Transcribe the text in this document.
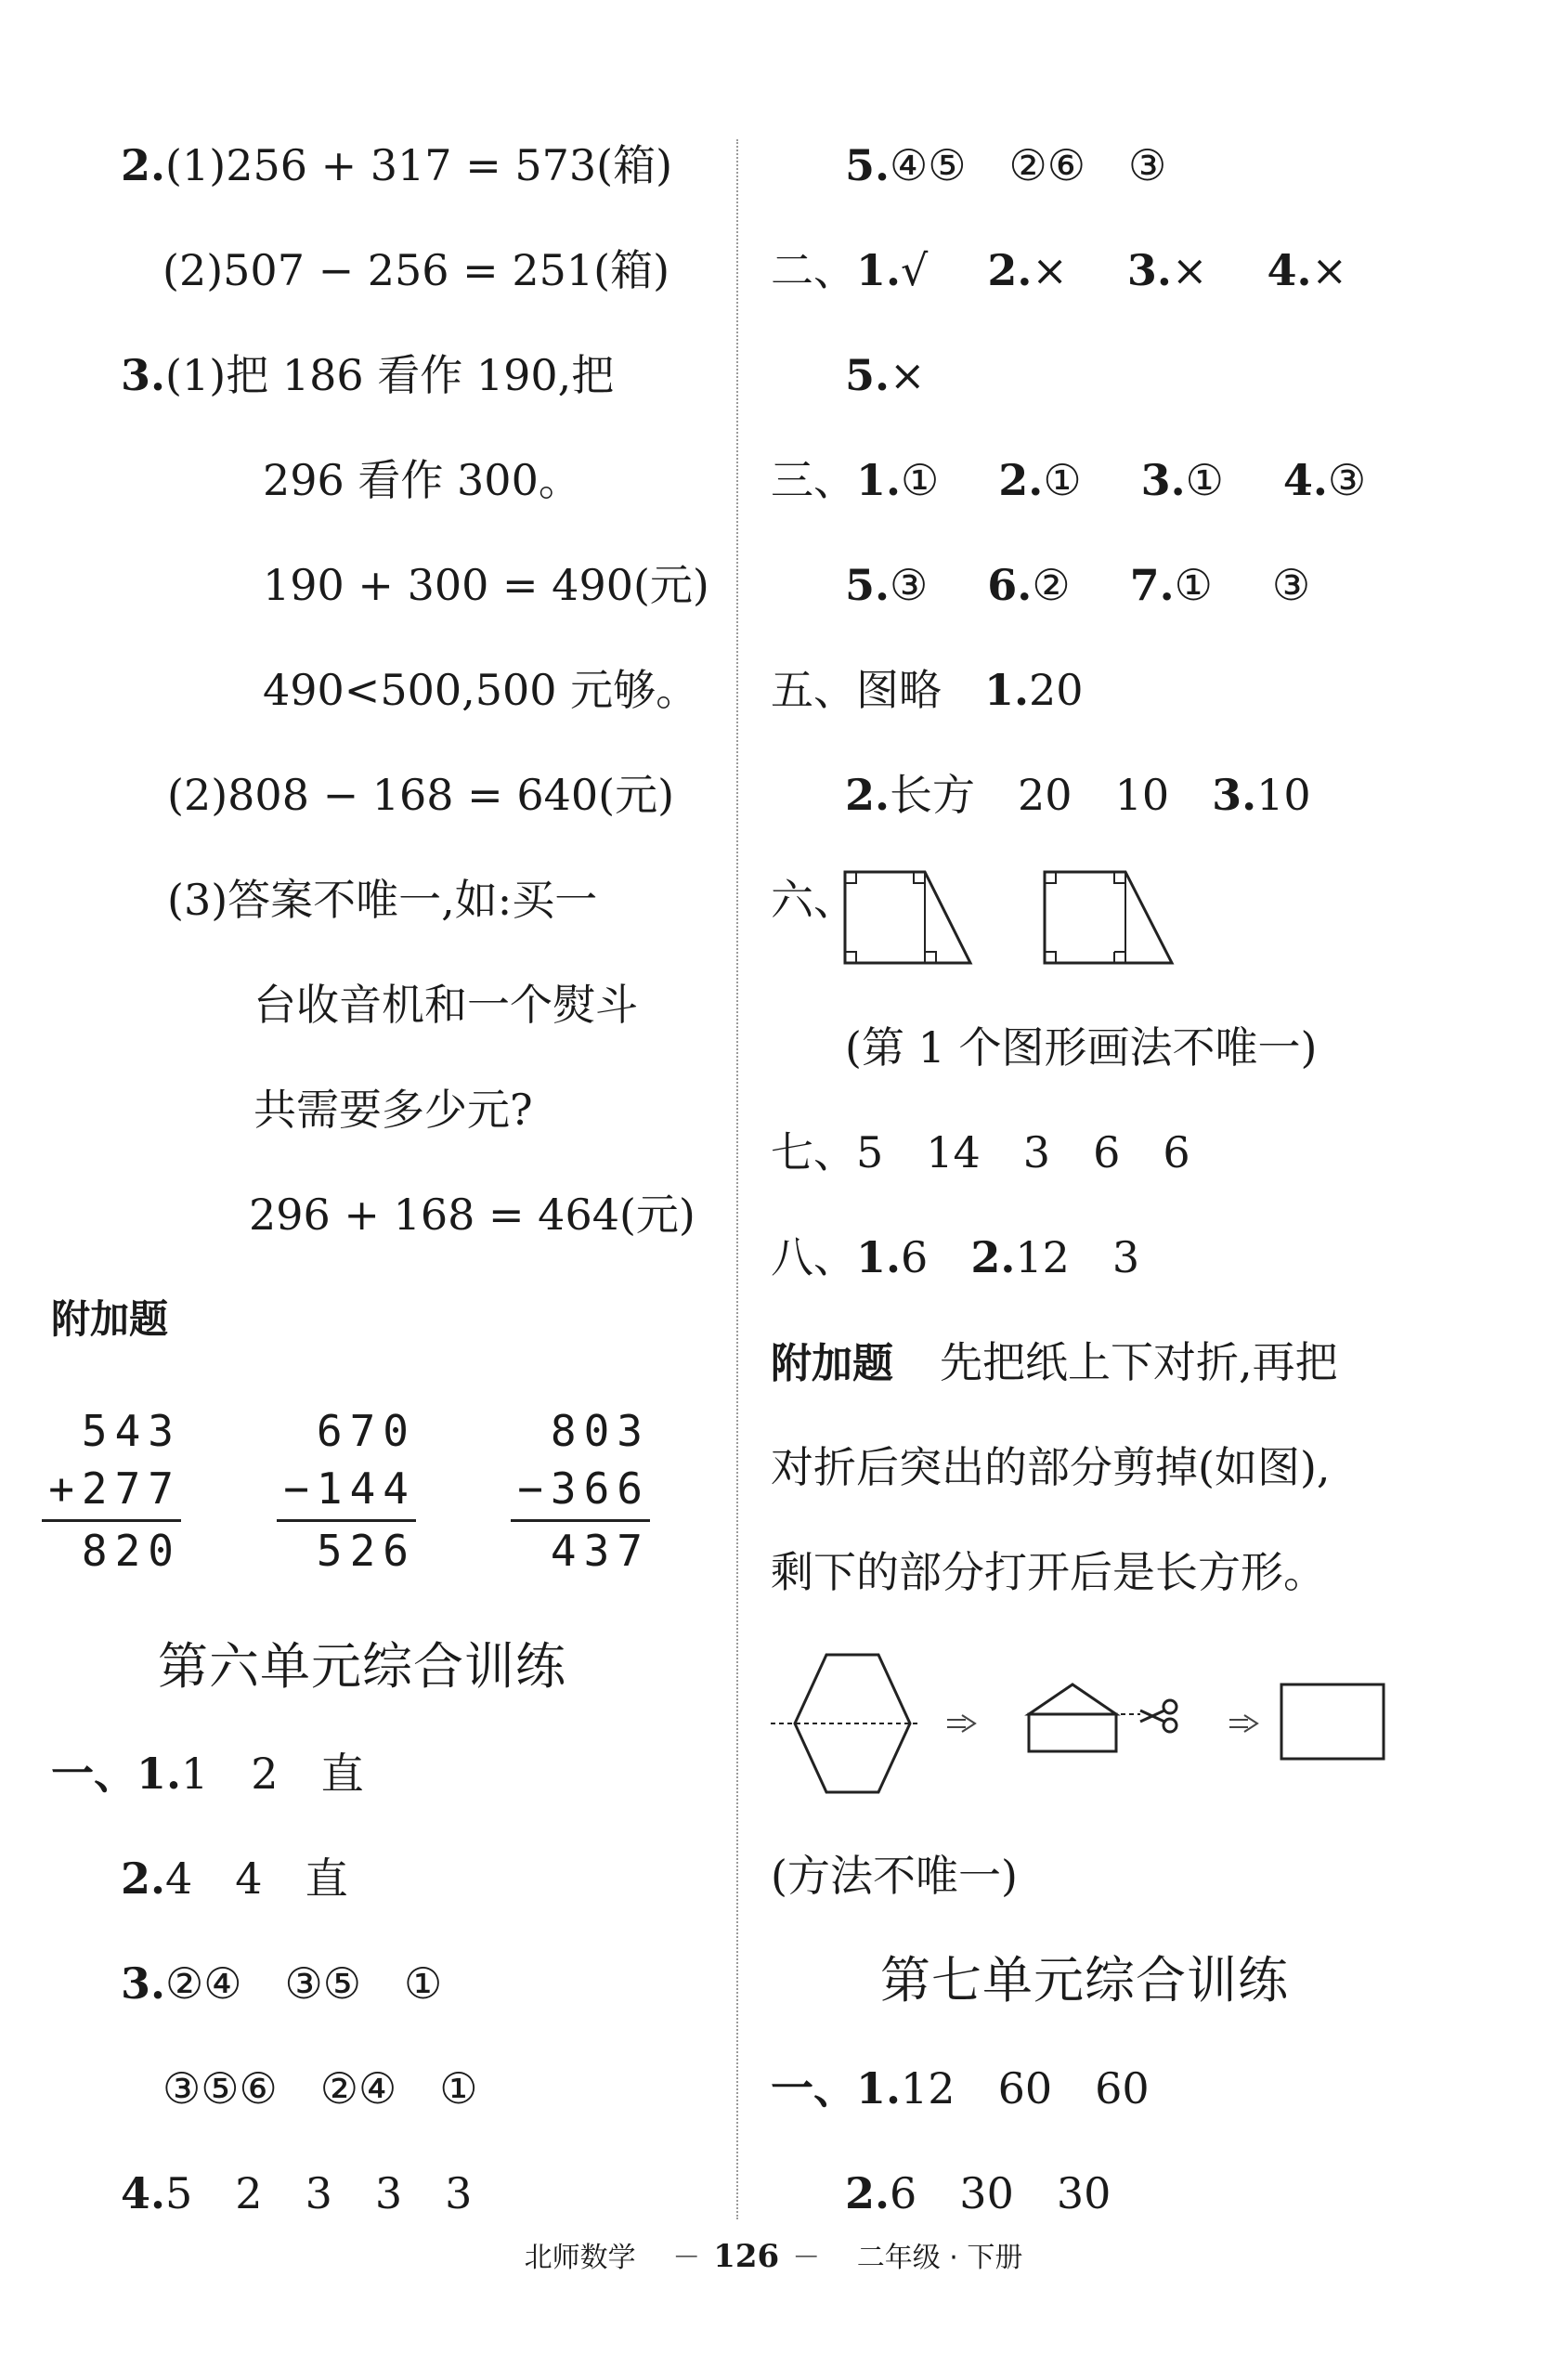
2.(1)256 + 317 = 573(箱)
(2)507 − 256 = 251(箱)
3.(1)把 186 看作 190,把
296 看作 300。
190 + 300 = 490(元)
490<500,500 元够。
(2)808 − 168 = 640(元)
(3)答案不唯一,如:买一
台收音机和一个熨斗
共需要多少元?
296 + 168 = 464(元)
附加题
543
+277
820
670
−144
526
803
−366
437
第六单元综合训练
一、1.1　2　直
2.4　4　直
3.②④　③⑤　①
③⑤⑥　②④　①
4.5　2　3　3　3
5.④⑤　②⑥　③
二、1.√ 2.× 3.× 4.×
5.×
三、1.① 2.① 3.① 4.③
5.③ 6.② 7.① ③
五、图略　1.20
2.长方　20　10　3.10
六、
(第 1 个图形画法不唯一)
七、5　14　3　6　6
八、1.6　2.12　3
附加题 先把纸上下对折,再把
对折后突出的部分剪掉(如图),
剩下的部分打开后是长方形。
(方法不唯一)
第七单元综合训练
一、1.12　60　60
2.6　30　30
北师数学 　－ 126 －　 二年级 · 下册
